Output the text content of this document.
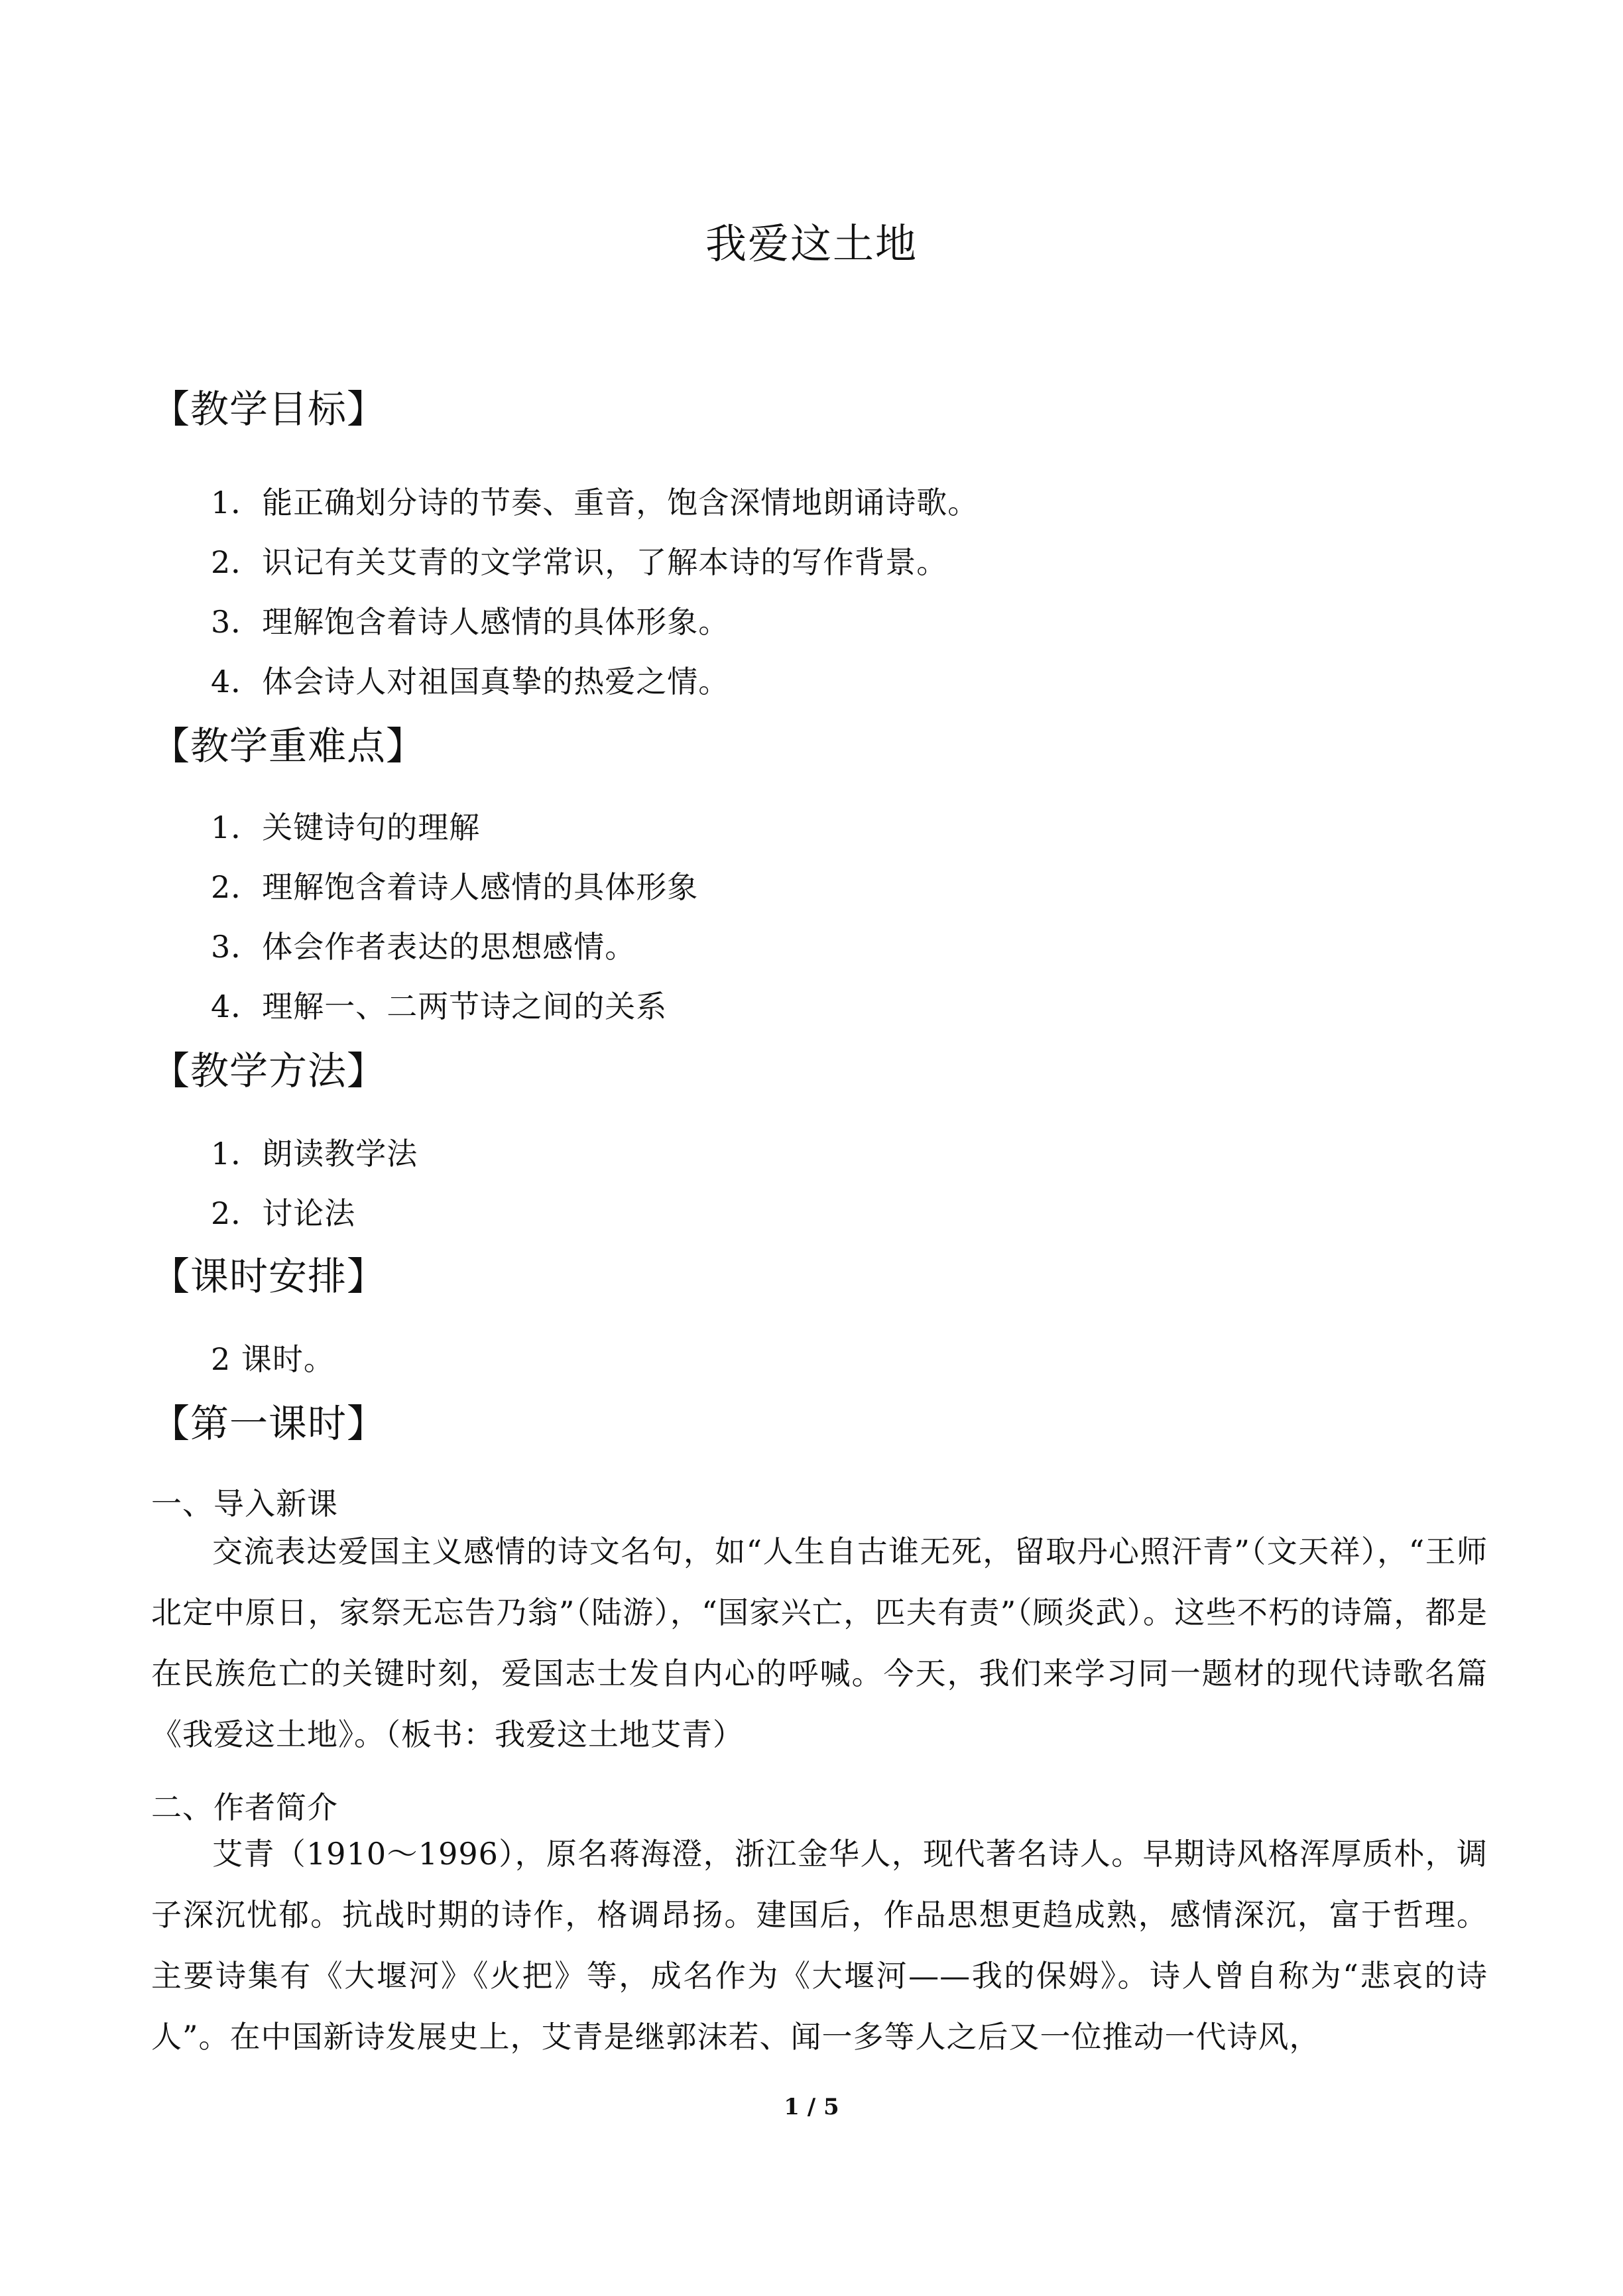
我爱这土地
【教学目标】
1．能正确划分诗的节奏、重音，饱含深情地朗诵诗歌。
2．识记有关艾青的文学常识，了解本诗的写作背景。
3．理解饱含着诗人感情的具体形象。
4．体会诗人对祖国真挚的热爱之情。
【教学重难点】
1．关键诗句的理解
2．理解饱含着诗人感情的具体形象
3．体会作者表达的思想感情。
4．理解一、二两节诗之间的关系
【教学方法】
1．朗读教学法
2．讨论法
【课时安排】
2 课时。
【第一课时】
一、导入新课
交流表达爱国主义感情的诗文名句，如“人生自古谁无死，留取丹心照汗青”（文天祥），“王师北定中原日，家祭无忘告乃翁”（陆游），“国家兴亡，匹夫有责”（顾炎武）。这些不朽的诗篇，都是在民族危亡的关键时刻，爱国志士发自内心的呼喊。今天，我们来学习同一题材的现代诗歌名篇《我爱这土地》。（板书：我爱这土地艾青）
二、作者简介
艾青（1910～1996），原名蒋海澄，浙江金华人，现代著名诗人。早期诗风格浑厚质朴，调子深沉忧郁。抗战时期的诗作，格调昂扬。建国后，作品思想更趋成熟，感情深沉，富于哲理。主要诗集有《大堰河》《火把》等，成名作为《大堰河——我的保姆》。诗人曾自称为“悲哀的诗人”。在中国新诗发展史上，艾青是继郭沫若、闻一多等人之后又一位推动一代诗风，
1 / 5
